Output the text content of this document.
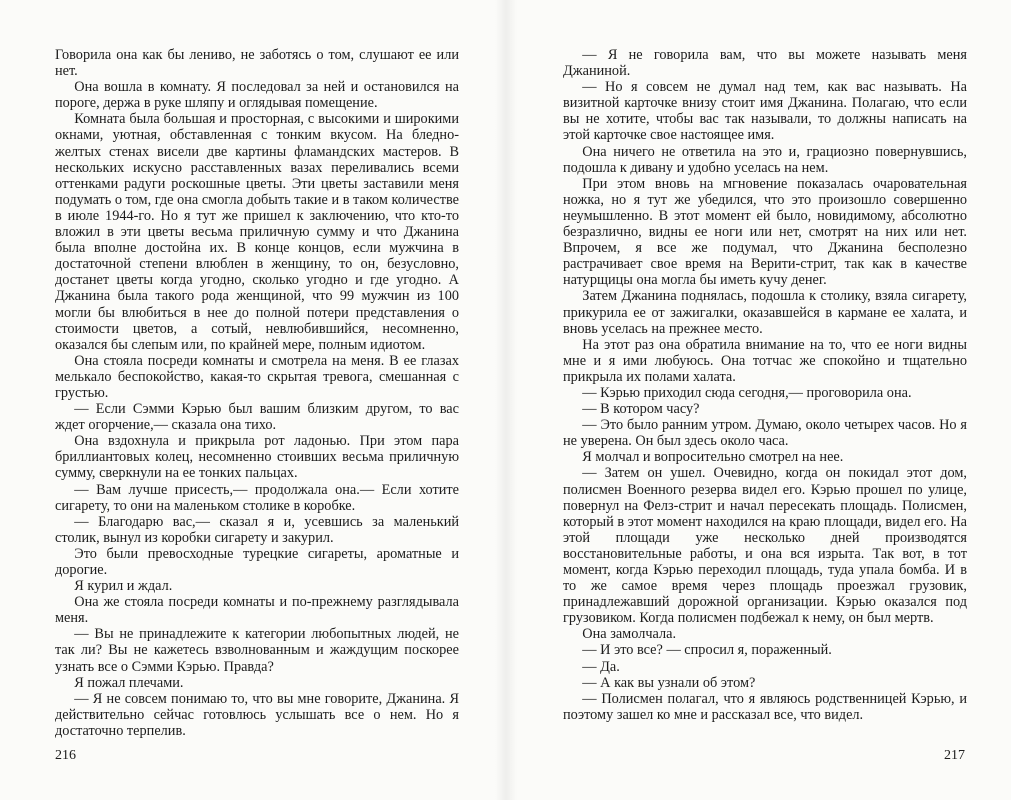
Говорила она как бы лениво, не заботясь о том, слушают ее или нет.

Она вошла в комнату. Я последовал за ней и остановился на пороге, держа в руке шляпу и оглядывая помещение.

Комната была большая и просторная, с высокими и широкими окнами, уютная, обставленная с тонким вкусом. На бледно-желтых стенах висели две картины фламандских мастеров. В нескольких искусно расставленных вазах переливались всеми оттенками радуги роскошные цветы. Эти цветы заставили меня подумать о том, где она смогла добыть такие и в таком количестве в июле 1944-го. Но я тут же пришел к заключению, что кто-то вложил в эти цветы весьма приличную сумму и что Джанина была вполне достойна их. В конце концов, если мужчина в достаточной степени влюблен в женщину, то он, безусловно, достанет цветы когда угодно, сколько угодно и где угодно. А Джанина была такого рода женщиной, что 99 мужчин из 100 могли бы влюбиться в нее до полной потери представления о стоимости цветов, а сотый, невлюбившийся, несомненно, оказался бы слепым или, по крайней мере, полным идиотом.

Она стояла посреди комнаты и смотрела на меня. В ее глазах мелькало беспокойство, какая-то скрытая тревога, смешанная с грустью.

— Если Сэмми Кэрью был вашим близким другом, то вас ждет огорчение,— сказала она тихо.

Она вздохнула и прикрыла рот ладонью. При этом пара бриллиантовых колец, несомненно стоивших весьма приличную сумму, сверкнули на ее тонких пальцах.

— Вам лучше присесть,— продолжала она.— Если хотите сигарету, то они на маленьком столике в коробке.

— Благодарю вас,— сказал я и, усевшись за маленький столик, вынул из коробки сигарету и закурил.

Это были превосходные турецкие сигареты, ароматные и дорогие.

Я курил и ждал.

Она же стояла посреди комнаты и по-прежнему разглядывала меня.

— Вы не принадлежите к категории любопытных людей, не так ли? Вы не кажетесь взволнованным и жаждущим поскорее узнать все о Сэмми Кэрью. Правда?

Я пожал плечами.

— Я не совсем понимаю то, что вы мне говорите, Джанина. Я действительно сейчас готовлюсь услышать все о нем. Но я достаточно терпелив.

216

— Я не говорила вам, что вы можете называть меня Джаниной.

— Но я совсем не думал над тем, как вас называть. На визитной карточке внизу стоит имя Джанина. Полагаю, что если вы не хотите, чтобы вас так называли, то должны написать на этой карточке свое настоящее имя.

Она ничего не ответила на это и, грациозно повернувшись, подошла к дивану и удобно уселась на нем.

При этом вновь на мгновение показалась очаровательная ножка, но я тут же убедился, что это произошло совершенно неумышленно. В этот момент ей было, новидимому, абсолютно безразлично, видны ее ноги или нет, смотрят на них или нет. Впрочем, я все же подумал, что Джанина бесполезно растрачивает свое время на Верити-стрит, так как в качестве натурщицы она могла бы иметь кучу денег.

Затем Джанина поднялась, подошла к столику, взяла сигарету, прикурила ее от зажигалки, оказавшейся в кармане ее халата, и вновь уселась на прежнее место.

На этот раз она обратила внимание на то, что ее ноги видны мне и я ими любуюсь. Она тотчас же спокойно и тщательно прикрыла их полами халата.

— Кэрью приходил сюда сегодня,— проговорила она.

— В котором часу?

— Это было ранним утром. Думаю, около четырех часов. Но я не уверена. Он был здесь около часа.

Я молчал и вопросительно смотрел на нее.

— Затем он ушел. Очевидно, когда он покидал этот дом, полисмен Военного резерва видел его. Кэрью прошел по улице, повернул на Фелз-стрит и начал пересекать площадь. Полисмен, который в этот момент находился на краю площади, видел его. На этой площади уже несколько дней производятся восстановительные работы, и она вся изрыта. Так вот, в тот момент, когда Кэрью переходил площадь, туда упала бомба. И в то же самое время через площадь проезжал грузовик, принадлежавший дорожной организации. Кэрью оказался под грузовиком. Когда полисмен подбежал к нему, он был мертв.

Она замолчала.

— И это все? — спросил я, пораженный.

— Да.

— А как вы узнали об этом?

— Полисмен полагал, что я являюсь родственницей Кэрью, и поэтому зашел ко мне и рассказал все, что видел.

217
